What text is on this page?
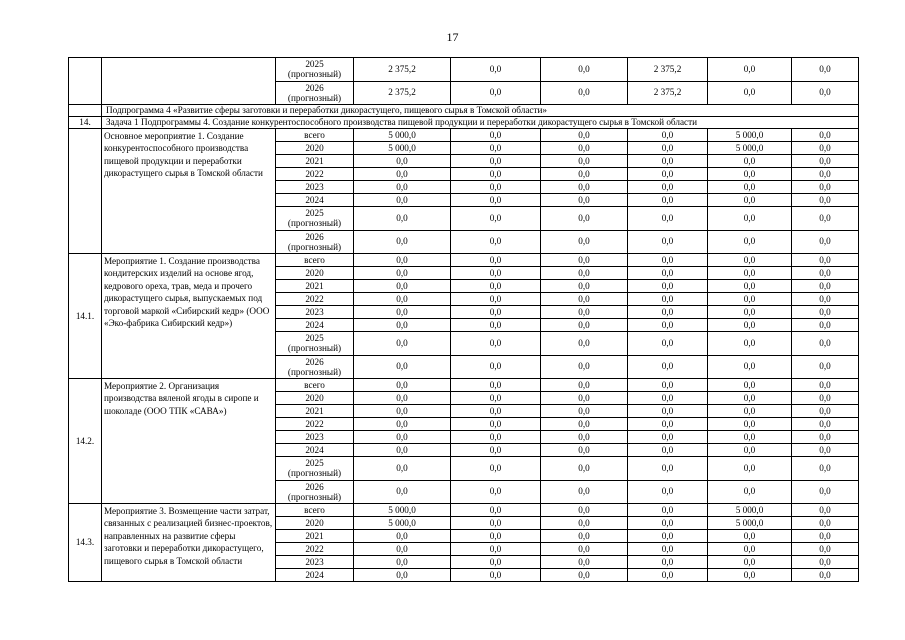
17
		2025
(прогнозный)	2 375,2	0,0	0,0	2 375,2	0,0	0,0
		2026
(прогнозный)	2 375,2	0,0	0,0	2 375,2	0,0	0,0
	Подпрограмма 4 «Развитие сферы заготовки и переработки дикорастущего, пищевого сырья в Томской области»							
14.	Задача 1 Подпрограммы 4. Создание конкурентоспособного производства пищевой продукции и переработки дикорастущего сырья в Томской области							
	Основное мероприятие 1. Создание конкурентоспособного производства пищевой продукции и переработки дикорастущего сырья в Томской области	всего	5 000,0	0,0	0,0	0,0	5 000,0	0,0
		2020	5 000,0	0,0	0,0	0,0	5 000,0	0,0
		2021	0,0	0,0	0,0	0,0	0,0	0,0
		2022	0,0	0,0	0,0	0,0	0,0	0,0
		2023	0,0	0,0	0,0	0,0	0,0	0,0
		2024	0,0	0,0	0,0	0,0	0,0	0,0
		2025
(прогнозный)	0,0	0,0	0,0	0,0	0,0	0,0
		2026
(прогнозный)	0,0	0,0	0,0	0,0	0,0	0,0
14.1.	Мероприятие 1. Создание производства кондитерских изделий на основе ягод, кедрового ореха, трав, меда и прочего дикорастущего сырья, выпускаемых под торговой маркой «Сибирский кедр» (ООО «Эко-фабрика Сибирский кедр»)	всего	0,0	0,0	0,0	0,0	0,0	0,0
		2020	0,0	0,0	0,0	0,0	0,0	0,0
		2021	0,0	0,0	0,0	0,0	0,0	0,0
		2022	0,0	0,0	0,0	0,0	0,0	0,0
		2023	0,0	0,0	0,0	0,0	0,0	0,0
		2024	0,0	0,0	0,0	0,0	0,0	0,0
		2025
(прогнозный)	0,0	0,0	0,0	0,0	0,0	0,0
		2026
(прогнозный)	0,0	0,0	0,0	0,0	0,0	0,0
14.2.	Мероприятие 2. Организация производства вяленой ягоды в сиропе и шоколаде (ООО ТПК «САВА»)	всего	0,0	0,0	0,0	0,0	0,0	0,0
		2020	0,0	0,0	0,0	0,0	0,0	0,0
		2021	0,0	0,0	0,0	0,0	0,0	0,0
		2022	0,0	0,0	0,0	0,0	0,0	0,0
		2023	0,0	0,0	0,0	0,0	0,0	0,0
		2024	0,0	0,0	0,0	0,0	0,0	0,0
		2025
(прогнозный)	0,0	0,0	0,0	0,0	0,0	0,0
		2026
(прогнозный)	0,0	0,0	0,0	0,0	0,0	0,0
14.3.	Мероприятие 3. Возмещение части затрат, связанных с реализацией бизнес-проектов, направленных на развитие сферы заготовки и переработки дикорастущего, пищевого сырья в Томской области	всего	5 000,0	0,0	0,0	0,0	5 000,0	0,0
		2020	5 000,0	0,0	0,0	0,0	5 000,0	0,0
		2021	0,0	0,0	0,0	0,0	0,0	0,0
		2022	0,0	0,0	0,0	0,0	0,0	0,0
		2023	0,0	0,0	0,0	0,0	0,0	0,0
		2024	0,0	0,0	0,0	0,0	0,0	0,0
